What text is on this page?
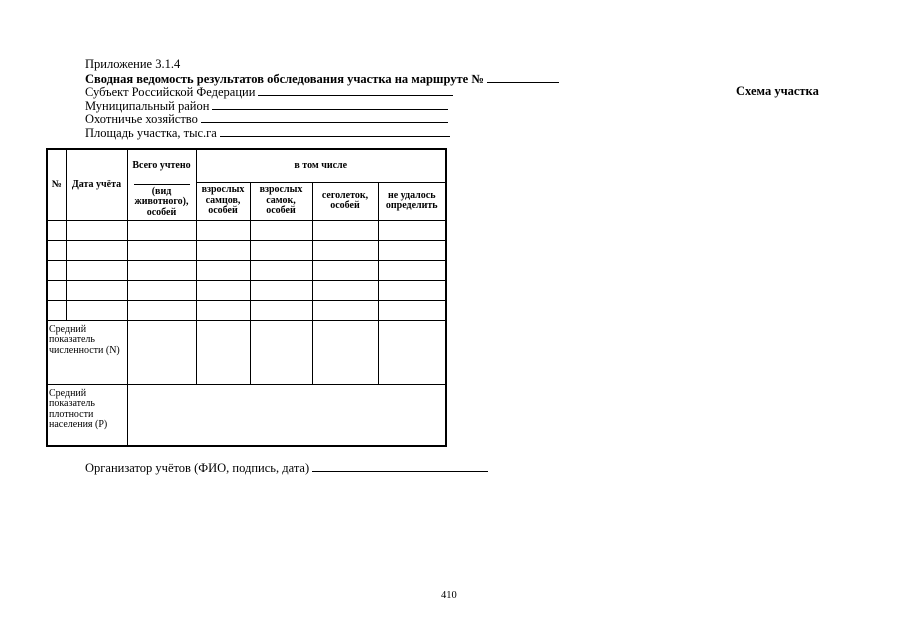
Приложение 3.1.4
Сводная ведомость результатов обследования участка на маршруте №
Субъект Российской Федерации
Муниципальный район
Охотничье хозяйство
Площадь участка, тыс.га
Схема участка
№	Дата учёта	Всего учтено	в том числе			

		(вид животного), особей	взрослых самцов, особей	взрослых самок, особей	сеголеток, особей	не удалось определить

Средний показатель численности (N)						
Средний показатель плотности населения (P)						
Организатор учётов (ФИО, подпись, дата)
410
